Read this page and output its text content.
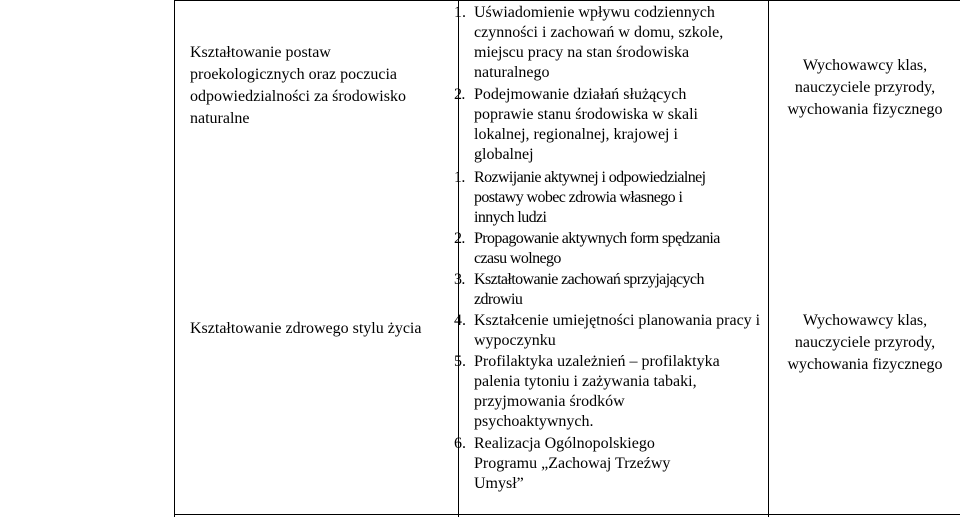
Kształtowanie postaw proekologicznych oraz poczucia odpowiedzialności za środowisko naturalne
1. Uświadomienie wpływu codziennych czynności i zachowań w domu, szkole, miejscu pracy na stan środowiska naturalnego
2. Podejmowanie działań służących poprawie stanu środowiska w skali lokalnej, regionalnej, krajowej i globalnej
Wychowawcy klas, nauczyciele przyrody, wychowania fizycznego
Kształtowanie zdrowego stylu życia
1. Rozwijanie aktywnej i odpowiedzialnej postawy wobec zdrowia własnego i innych ludzi
2. Propagowanie aktywnych form spędzania czasu wolnego
3. Kształtowanie zachowań sprzyjających zdrowiu
4. Kształcenie umiejętności planowania pracy i wypoczynku
5. Profilaktyka uzależnień – profilaktyka palenia tytoniu i zażywania tabaki, przyjmowania środków psychoaktywnych.
6. Realizacja Ogólnopolskiego Programu „Zachowaj Trzeźwy Umysł”
Wychowawcy klas, nauczyciele przyrody, wychowania fizycznego
